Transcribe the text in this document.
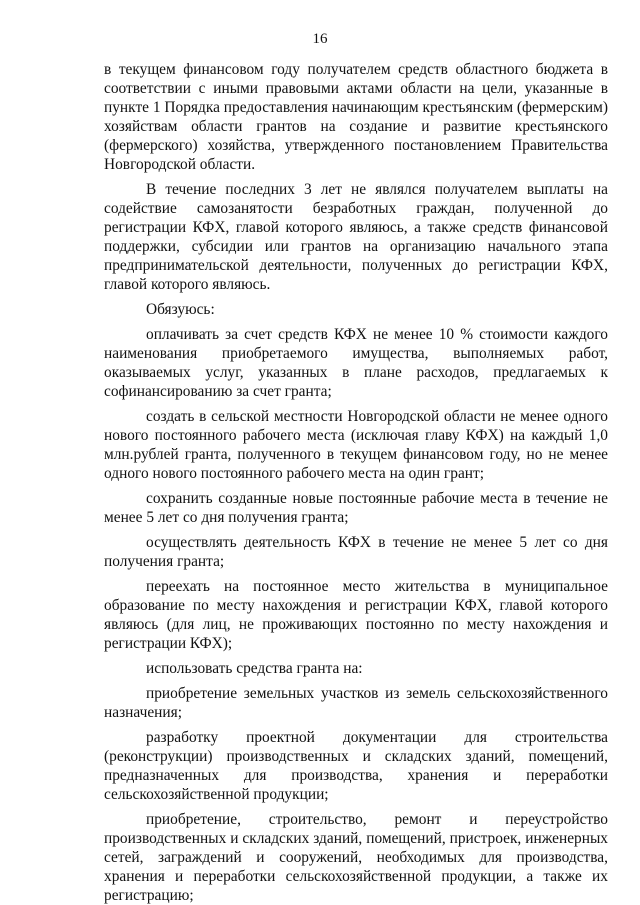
16

в текущем финансовом году получателем средств областного бюджета в соответствии с иными правовыми актами области на цели, указанные в пункте 1 Порядка предоставления начинающим крестьянским (фермерским) хозяйствам области грантов на создание и развитие крестьянского (фермерского) хозяйства, утвержденного постановлением Правительства Новгородской области.

В течение последних 3 лет не являлся получателем выплаты на содействие самозанятости безработных граждан, полученной до регистрации КФХ, главой которого являюсь, а также средств финансовой поддержки, субсидии или грантов на организацию начального этапа предпринимательской деятельности, полученных до регистрации КФХ, главой которого являюсь.

Обязуюсь:

оплачивать за счет средств КФХ не менее 10 % стоимости каждого наименования приобретаемого имущества, выполняемых работ, оказываемых услуг, указанных в плане расходов, предлагаемых к софинансированию за счет гранта;

создать в сельской местности Новгородской области не менее одного нового постоянного рабочего места (исключая главу КФХ) на каждый 1,0 млн.рублей гранта, полученного в текущем финансовом году, но не менее одного нового постоянного рабочего места на один грант;

сохранить созданные новые постоянные рабочие места в течение не менее 5 лет со дня получения гранта;

осуществлять деятельность КФХ в течение не менее 5 лет со дня получения гранта;

переехать на постоянное место жительства в муниципальное образование по месту нахождения и регистрации КФХ, главой которого являюсь (для лиц, не проживающих постоянно по месту нахождения и регистрации КФХ);

использовать средства гранта на:

приобретение земельных участков из земель сельскохозяйственного назначения;

разработку проектной документации для строительства (реконструкции) производственных и складских зданий, помещений, предназначенных для производства, хранения и переработки сельскохозяйственной продукции;

приобретение, строительство, ремонт и переустройство производственных и складских зданий, помещений, пристроек, инженерных сетей, заграждений и сооружений, необходимых для производства, хранения и переработки сельскохозяйственной продукции, а также их регистрацию;
